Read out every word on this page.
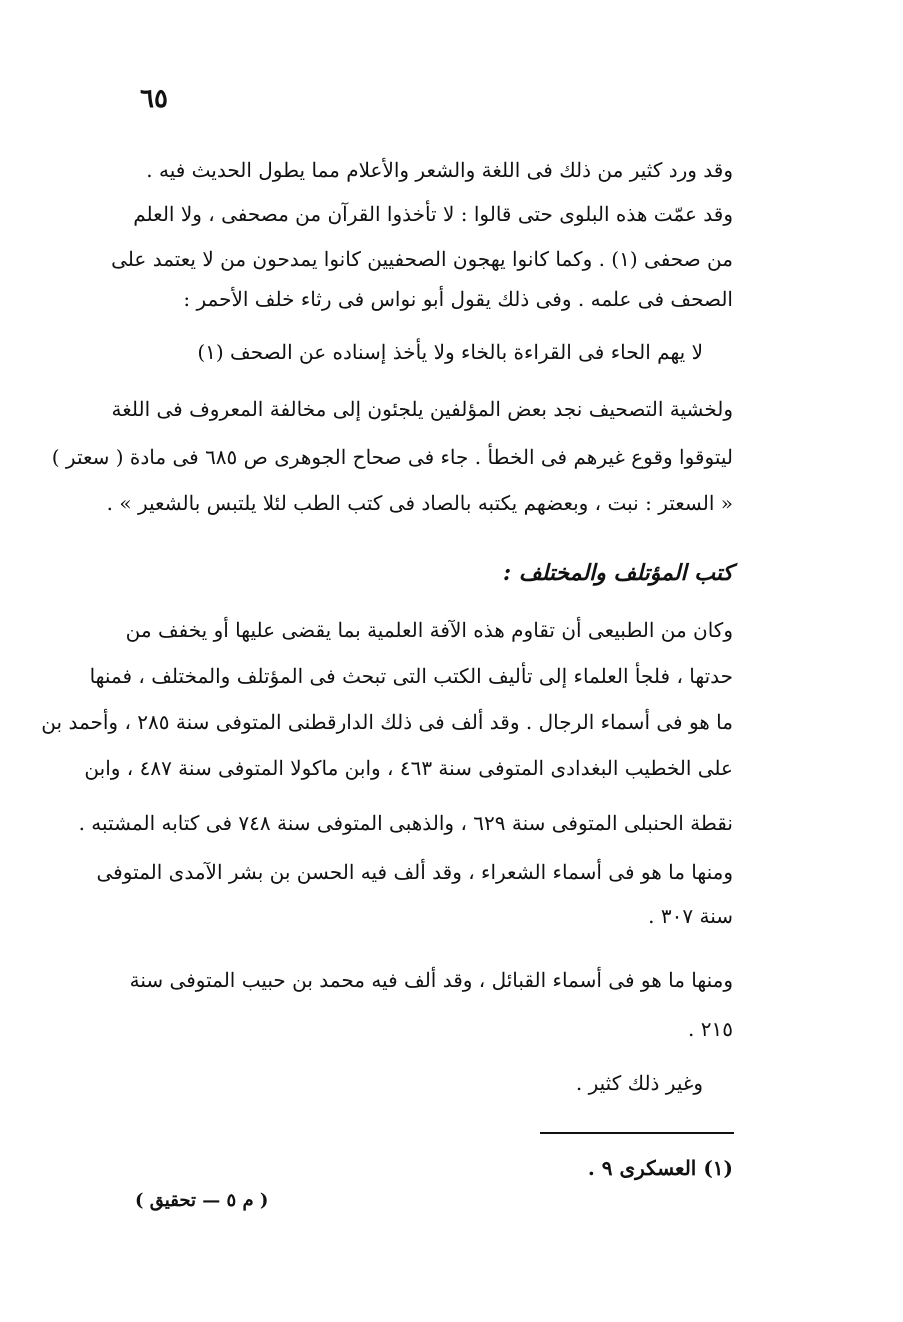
٦٥
وقد ورد كثير من ذلك فى اللغة والشعر والأعلام مما يطول الحديث فيه .
وقد عمّت هذه البلوى حتى قالوا : لا تأخذوا القرآن من مصحفى ، ولا العلم
من صحفى (١) . وكما كانوا يهجون الصحفيين كانوا يمدحون من لا يعتمد على
الصحف فى علمه . وفى ذلك يقول أبو نواس فى رثاء خلف الأحمر :
لا يهم الحاء فى القراءة بالخاء ولا يأخذ إسناده عن الصحف (١)
ولخشية التصحيف نجد بعض المؤلفين يلجئون إلى مخالفة المعروف فى اللغة
ليتوقوا وقوع غيرهم فى الخطأ . جاء فى صحاح الجوهرى ص ٦٨٥ فى مادة ( سعتر )
« السعتر : نبت ، وبعضهم يكتبه بالصاد فى كتب الطب لئلا يلتبس بالشعير » .
كتب المؤتلف والمختلف :
وكان من الطبيعى أن تقاوم هذه الآفة العلمية بما يقضى عليها أو يخفف من
حدتها ، فلجأ العلماء إلى تأليف الكتب التى تبحث فى المؤتلف والمختلف ، فمنها
ما هو فى أسماء الرجال . وقد ألف فى ذلك الدارقطنى المتوفى سنة ٢٨٥ ، وأحمد بن
على الخطيب البغدادى المتوفى سنة ٤٦٣ ، وابن ماكولا المتوفى سنة ٤٨٧ ، وابن
نقطة الحنبلى المتوفى سنة ٦٢٩ ، والذهبى المتوفى سنة ٧٤٨ فى كتابه المشتبه .
ومنها ما هو فى أسماء الشعراء ، وقد ألف فيه الحسن بن بشر الآمدى المتوفى
سنة ٣٠٧ .
ومنها ما هو فى أسماء القبائل ، وقد ألف فيه محمد بن حبيب المتوفى سنة
٢١٥ .
وغير ذلك كثير .
(١) العسكرى ٩ .
( م ٥ — تحقيق )
